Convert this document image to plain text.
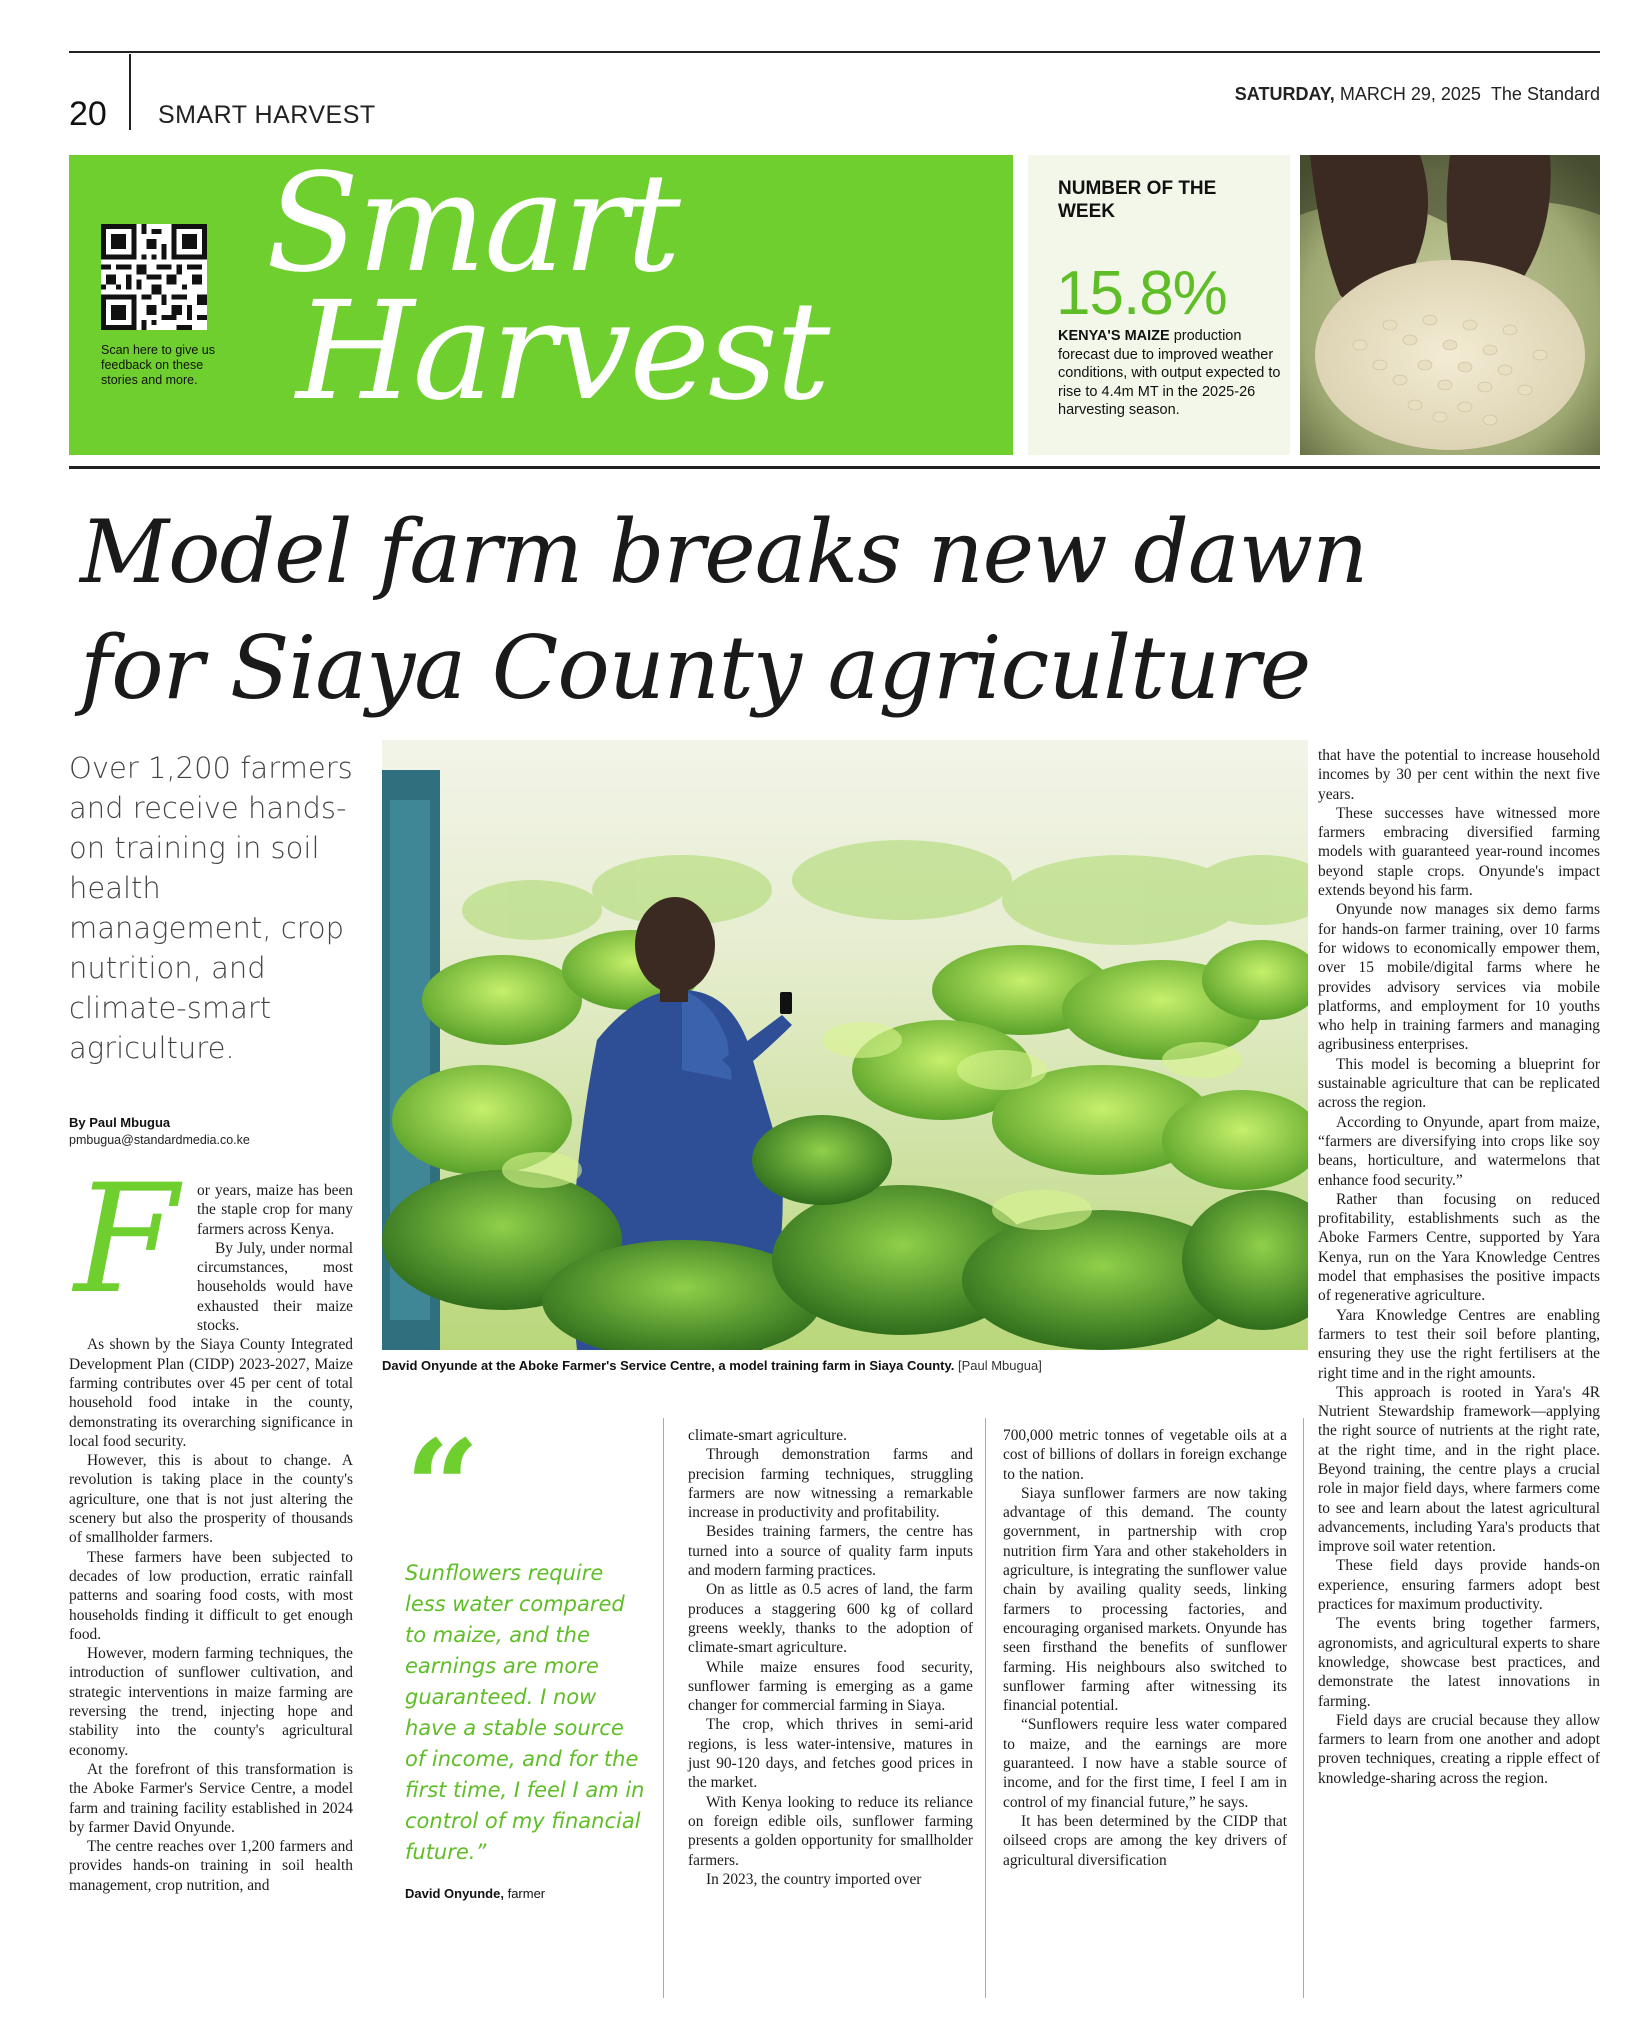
20 SMART HARVEST
SATURDAY, MARCH 29, 2025 The Standard
Scan here to give us feedback on these stories and more.
Smart
Harvest
NUMBER OF THE WEEK
15.8%
KENYA'S MAIZE production forecast due to improved weather conditions, with output expected to rise to 4.4m MT in the 2025-26 harvesting season.
Model farm breaks new dawn
for Siaya County agriculture
Over 1,200 farmers and receive hands-on training in soil health management, crop nutrition, and climate-smart agriculture.
By Paul Mbugua
pmbugua@standardmedia.co.ke
David Onyunde at the Aboke Farmer's Service Centre, a model training farm in Siaya County. [Paul Mbugua]
F or years, maize has been the staple crop for many farmers across Kenya.

By July, under normal circumstances, most households would have exhausted their maize stocks.

As shown by the Siaya County Integrated Development Plan (CIDP) 2023-2027, Maize farming contributes over 45 per cent of total household food intake in the county, demonstrating its overarching significance in local food security.

However, this is about to change. A revolution is taking place in the county's agriculture, one that is not just altering the scenery but also the prosperity of thousands of smallholder farmers.

These farmers have been subjected to decades of low production, erratic rainfall patterns and soaring food costs, with most households finding it difficult to get enough food.

However, modern farming techniques, the introduction of sunflower cultivation, and strategic interventions in maize farming are reversing the trend, injecting hope and stability into the county's agricultural economy.

At the forefront of this transformation is the Aboke Farmer's Service Centre, a model farm and training facility established in 2024 by farmer David Onyunde.

The centre reaches over 1,200 farmers and provides hands-on training in soil health management, crop nutrition, and

“
Sunflowers require less water compared to maize, and the earnings are more guaranteed. I now have a stable source of income, and for the first time, I feel I am in control of my financial future.”
David Onyunde, farmer

climate-smart agriculture.

Through demonstration farms and precision farming techniques, struggling farmers are now witnessing a remarkable increase in productivity and profitability.

Besides training farmers, the centre has turned into a source of quality farm inputs and modern farming practices.

On as little as 0.5 acres of land, the farm produces a staggering 600 kg of collard greens weekly, thanks to the adoption of climate-smart agriculture.

While maize ensures food security, sunflower farming is emerging as a game changer for commercial farming in Siaya.

The crop, which thrives in semi-arid regions, is less water-intensive, matures in just 90-120 days, and fetches good prices in the market.

With Kenya looking to reduce its reliance on foreign edible oils, sunflower farming presents a golden opportunity for smallholder farmers.

In 2023, the country imported over

700,000 metric tonnes of vegetable oils at a cost of billions of dollars in foreign exchange to the nation.

Siaya sunflower farmers are now taking advantage of this demand. The county government, in partnership with crop nutrition firm Yara and other stakeholders in agriculture, is integrating the sunflower value chain by availing quality seeds, linking farmers to processing factories, and encouraging organised markets. Onyunde has seen firsthand the benefits of sunflower farming. His neighbours also switched to sunflower farming after witnessing its financial potential.

“Sunflowers require less water compared to maize, and the earnings are more guaranteed. I now have a stable source of income, and for the first time, I feel I am in control of my financial future,” he says.

It has been determined by the CIDP that oilseed crops are among the key drivers of agricultural diversification

that have the potential to increase household incomes by 30 per cent within the next five years.

These successes have witnessed more farmers embracing diversified farming models with guaranteed year-round incomes beyond staple crops. Onyunde's impact extends beyond his farm.

Onyunde now manages six demo farms for hands-on farmer training, over 10 farms for widows to economically empower them, over 15 mobile/digital farms where he provides advisory services via mobile platforms, and employment for 10 youths who help in training farmers and managing agribusiness enterprises.

This model is becoming a blueprint for sustainable agriculture that can be replicated across the region.

According to Onyunde, apart from maize, “farmers are diversifying into crops like soy beans, horticulture, and watermelons that enhance food security.”

Rather than focusing on reduced profitability, establishments such as the Aboke Farmers Centre, supported by Yara Kenya, run on the Yara Knowledge Centres model that emphasises the positive impacts of regenerative agriculture.

Yara Knowledge Centres are enabling farmers to test their soil before planting, ensuring they use the right fertilisers at the right time and in the right amounts.

This approach is rooted in Yara's 4R Nutrient Stewardship framework—applying the right source of nutrients at the right rate, at the right time, and in the right place. Beyond training, the centre plays a crucial role in major field days, where farmers come to see and learn about the latest agricultural advancements, including Yara's products that improve soil water retention.

These field days provide hands-on experience, ensuring farmers adopt best practices for maximum productivity.

The events bring together farmers, agronomists, and agricultural experts to share knowledge, showcase best practices, and demonstrate the latest innovations in farming.

Field days are crucial because they allow farmers to learn from one another and adopt proven techniques, creating a ripple effect of knowledge-sharing across the region.
